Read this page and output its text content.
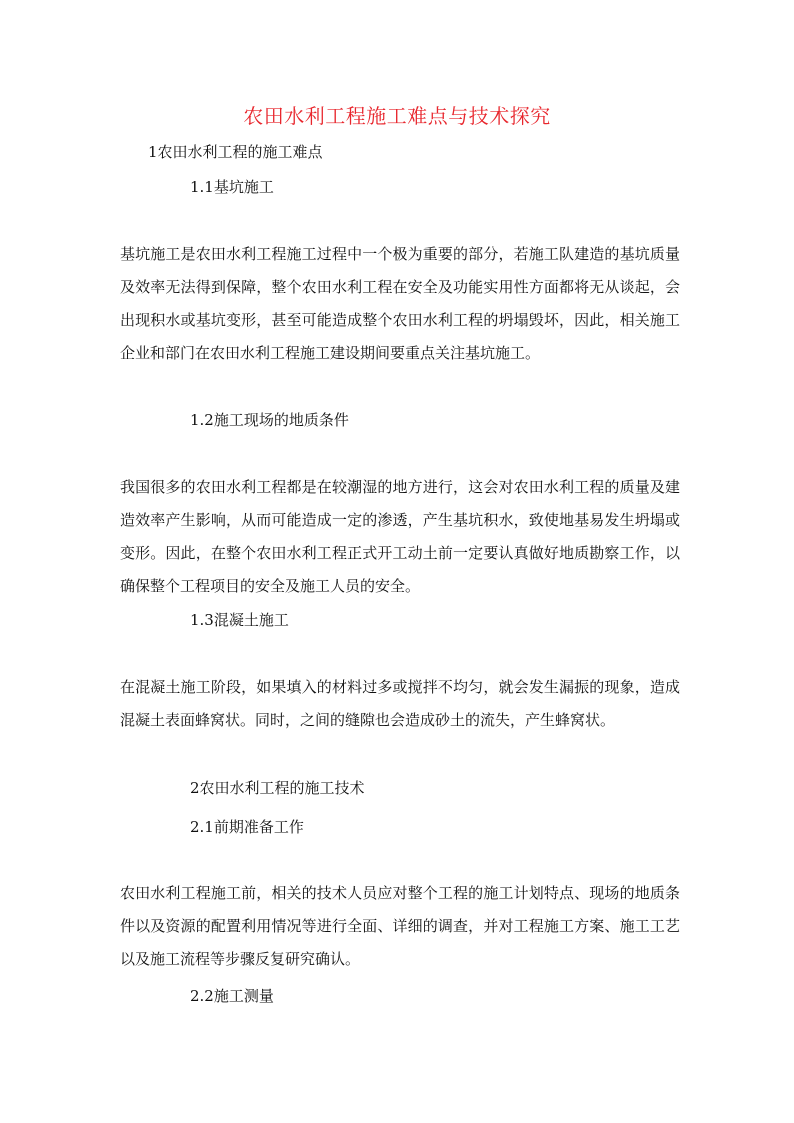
农田水利工程施工难点与技术探究
1农田水利工程的施工难点
1.1基坑施工

基坑施工是农田水利工程施工过程中一个极为重要的部分，若施工队建造的基坑质量及效率无法得到保障，整个农田水利工程在安全及功能实用性方面都将无从谈起，会出现积水或基坑变形，甚至可能造成整个农田水利工程的坍塌毁坏，因此，相关施工企业和部门在农田水利工程施工建设期间要重点关注基坑施工。

1.2施工现场的地质条件

我国很多的农田水利工程都是在较潮湿的地方进行，这会对农田水利工程的质量及建造效率产生影响，从而可能造成一定的渗透，产生基坑积水，致使地基易发生坍塌或变形。因此，在整个农田水利工程正式开工动土前一定要认真做好地质勘察工作，以确保整个工程项目的安全及施工人员的安全。

1.3混凝土施工

在混凝土施工阶段，如果填入的材料过多或搅拌不均匀，就会发生漏振的现象，造成混凝土表面蜂窝状。同时，之间的缝隙也会造成砂土的流失，产生蜂窝状。

2农田水利工程的施工技术
2.1前期准备工作

农田水利工程施工前，相关的技术人员应对整个工程的施工计划特点、现场的地质条件以及资源的配置利用情况等进行全面、详细的调查，并对工程施工方案、施工工艺以及施工流程等步骤反复研究确认。

2.2施工测量
